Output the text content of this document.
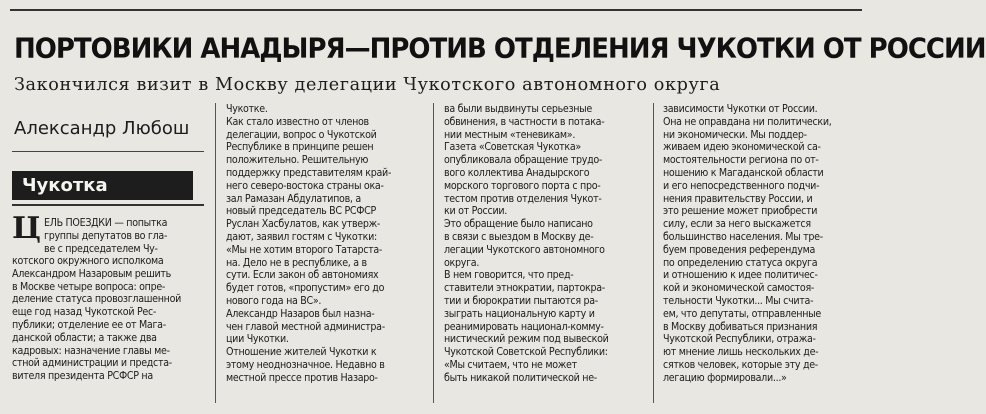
ПОРТОВИКИ АНАДЫРЯ—ПРОТИВ ОТДЕЛЕНИЯ ЧУКОТКИ ОТ РОССИИ
Закончился визит в Москву делегации Чукотского автономного округа
Александр Любош
Чукотка
Ц ЕЛЬ ПОЕЗДКИ — попытка
группы депутатов во гла-
ве с председателем Чу-

котского окружного исполкома
Александром Назаровым решить
в Москве четыре вопроса: опре-
деление статуса провозглашенной
еще год назад Чукотской Рес-
публики; отделение ее от Мага-
данской области; а также два
кадровых: назначение главы ме-
стной администрации и предста-
вителя президента РСФСР на

Чукотке.
Как стало известно от членов
делегации, вопрос о Чукотской
Республике в принципе решен
положительно. Решительную
поддержку представителям край-
него северо-востока страны ока-
зал Рамазан Абдулатипов, а
новый председатель ВС РСФСР
Руслан Хасбулатов, как утверж-
дают, заявил гостям с Чукотки:
«Мы не хотим второго Татарста-
на. Дело не в республике, а в
сути. Если закон об автономиях
будет готов, «пропустим» его до
нового года на ВС».
Александр Назаров был назна-
чен главой местной администра-
ции Чукотки.
Отношение жителей Чукотки к
этому неоднозначное. Недавно в
местной прессе против Назаро-

ва были выдвинуты серьезные
обвинения, в частности в потака-
нии местным «теневикам».
Газета «Советская Чукотка»
опубликовала обращение трудо-
вого коллектива Анадырского
морского торгового порта с про-
тестом против отделения Чукот-
ки от России.
Это обращение было написано
в связи с выездом в Москву де-
легации Чукотского автономного
округа.
В нем говорится, что пред-
ставители этнократии, партокра-
тии и бюрократии пытаются ра-
зыграть национальную карту и
реанимировать национал-комму-
нистический режим под вывеской
Чукотской Советской Республики:
«Мы считаем, что не может
быть никакой политической не-

зависимости Чукотки от России.
Она не оправдана ни политически,
ни экономически. Мы поддер-
живаем идею экономической са-
мостоятельности региона по от-
ношению к Магаданской области
и его непосредственного подчи-
нения правительству России, и
это решение может приобрести
силу, если за него выскажется
большинство населения. Мы тре-
буем проведения референдума
по определению статуса округа
и отношению к идее политичес-
кой и экономической самостоя-
тельности Чукотки... Мы счита-
ем, что депутаты, отправленные
в Москву добиваться признания
Чукотской Республики, отража-
ют мнение лишь нескольких де-
сятков человек, которые эту де-
легацию формировали...»
